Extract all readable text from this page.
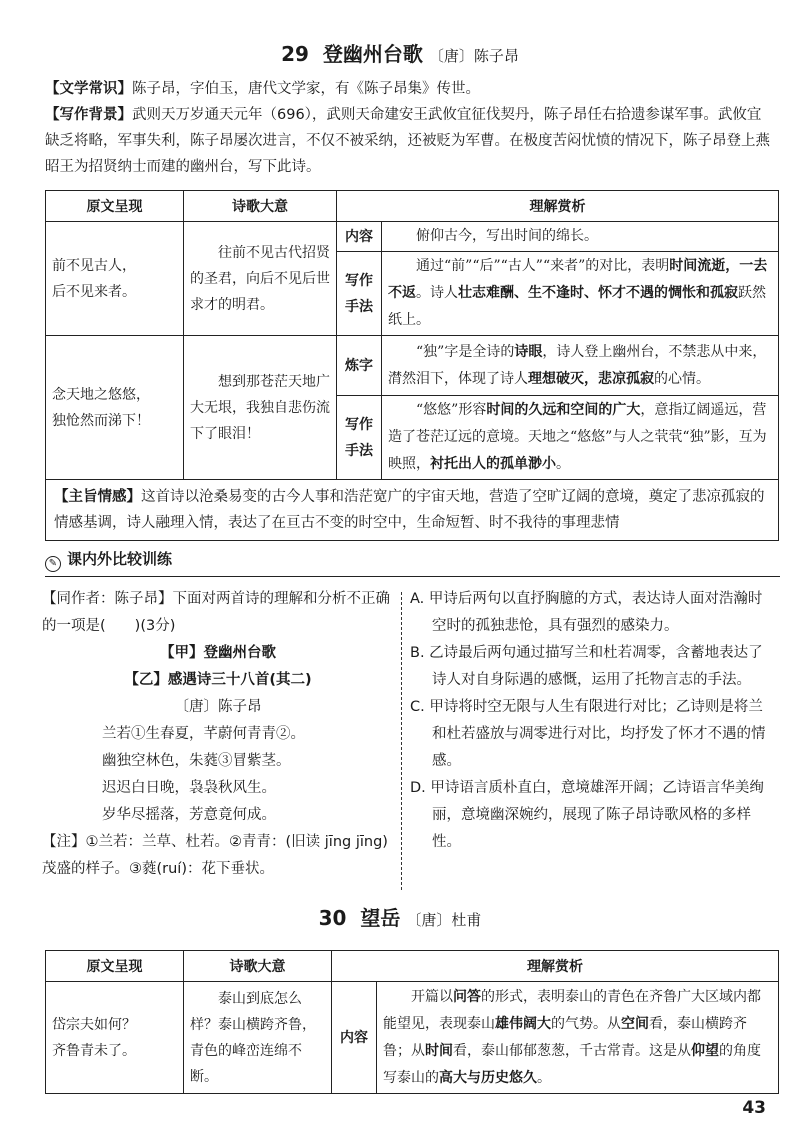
29 登幽州台歌 〔唐〕陈子昂
【文学常识】陈子昂，字伯玉，唐代文学家，有《陈子昂集》传世。
【写作背景】武则天万岁通天元年（696），武则天命建安王武攸宜征伐契丹，陈子昂任右拾遗参谋军事。武攸宜缺乏将略，军事失利，陈子昂屡次进言，不仅不被采纳，还被贬为军曹。在极度苦闷忧愤的情况下，陈子昂登上燕昭王为招贤纳士而建的幽州台，写下此诗。
原文呈现	诗歌大意	理解赏析	

前不见古人，
后不见来者。	往前不见古代招贤的圣君，向后不见后世求才的明君。	内容	俯仰古今，写出时间的绵长。
		写作手法	通过“前”“后”“古人”“来者”的对比，表明时间流逝，一去不返。诗人壮志难酬、生不逢时、怀才不遇的惆怅和孤寂跃然纸上。

念天地之悠悠，
独怆然而涕下！	想到那苍茫天地广大无垠，我独自悲伤流下了眼泪！	炼字	“独”字是全诗的诗眼，诗人登上幽州台，不禁悲从中来，潸然泪下，体现了诗人理想破灭，悲凉孤寂的心情。
		写作手法	“悠悠”形容时间的久远和空间的广大，意指辽阔遥远，营造了苍茫辽远的意境。天地之“悠悠”与人之茕茕“独”影，互为映照，衬托出人的孤单渺小。
【主旨情感】这首诗以沧桑易变的古今人事和浩茫宽广的宇宙天地，营造了空旷辽阔的意境，奠定了悲凉孤寂的情感基调，诗人融理入情，表达了在亘古不变的时空中，生命短暂、时不我待的事理悲情			
✎ 课内外比较训练
【同作者：陈子昂】下面对两首诗的理解和分析不正确的一项是(　　)(3分)
【甲】登幽州台歌
【乙】感遇诗三十八首(其二)
〔唐〕陈子昂
兰若①生春夏，芊蔚何青青②。
幽独空林色，朱蕤③冒紫茎。
迟迟白日晚，袅袅秋风生。
岁华尽摇落，芳意竟何成。
【注】①兰若：兰草、杜若。②青青：(旧读 jīng jīng)茂盛的样子。③蕤(ruí)：花下垂状。
A. 甲诗后两句以直抒胸臆的方式，表达诗人面对浩瀚时空时的孤独悲怆，具有强烈的感染力。
B. 乙诗最后两句通过描写兰和杜若凋零，含蓄地表达了诗人对自身际遇的感慨，运用了托物言志的手法。
C. 甲诗将时空无限与人生有限进行对比；乙诗则是将兰和杜若盛放与凋零进行对比，均抒发了怀才不遇的情感。
D. 甲诗语言质朴直白，意境雄浑开阔；乙诗语言华美绚丽，意境幽深婉约，展现了陈子昂诗歌风格的多样性。
30 望岳 〔唐〕杜甫
原文呈现	诗歌大意	理解赏析	

岱宗夫如何？
齐鲁青未了。	泰山到底怎么样？泰山横跨齐鲁，青色的峰峦连绵不断。	内容	开篇以问答的形式，表明泰山的青色在齐鲁广大区域内都能望见，表现泰山雄伟阔大的气势。从空间看，泰山横跨齐鲁；从时间看，泰山郁郁葱葱，千古常青。这是从仰望的角度写泰山的高大与历史悠久。
43
